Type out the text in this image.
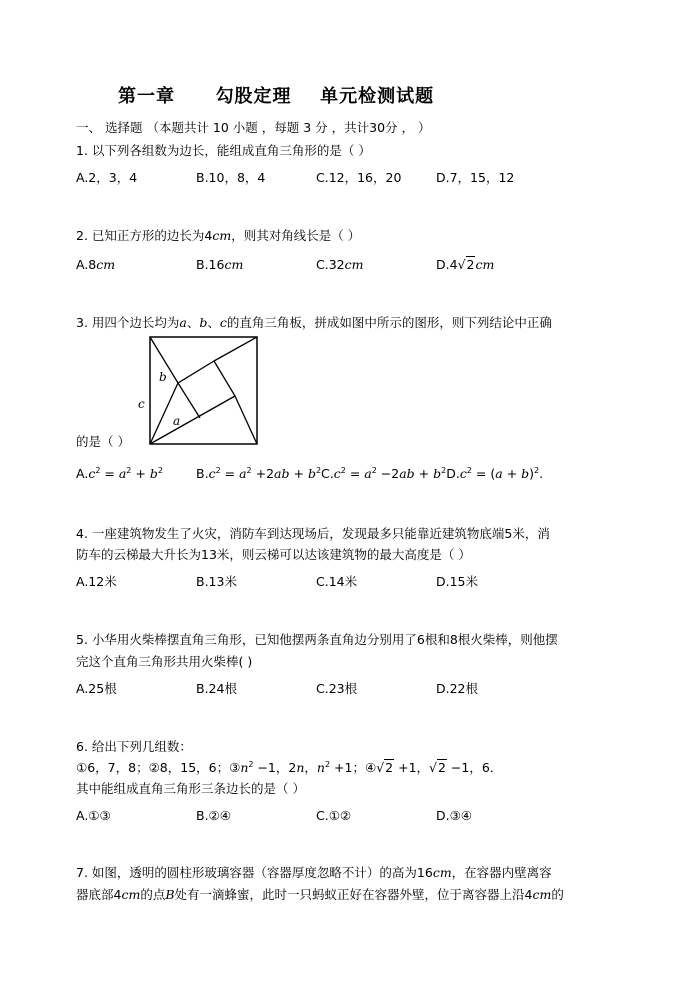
第一章 勾股定理 单元检测试题
一、 选择题 （本题共计 10 小题 ，每题 3 分 ，共计30分 ， ）
1. 以下列各组数为边长，能组成直角三角形的是（ ）
A.2，3，4	B.10，8，4	C.12，16，20	D.7，15，12
2. 已知正方形的边长为4cm，则其对角线长是（ ）
A.8cm	B.16cm	C.32cm	D.4√2cm
3. 用四个边长均为a、b、c的直角三角板，拼成如图中所示的图形，则下列结论中正确
b
c
a
的是（ ）
$A.c^2 = a^2 + b^2$	$B.c^2 = a^2 +2ab + b^2C.c^2 = a^2 -2ab + b^2D.c^2 = (a + b)^2$.
4. 一座建筑物发生了火灾，消防车到达现场后，发现最多只能靠近建筑物底端5米，消
防车的云梯最大升长为13米，则云梯可以达该建筑物的最大高度是（ ）
A.12米	B.13米	C.14米	D.15米
5. 小华用火柴棒摆直角三角形，已知他摆两条直角边分别用了6根和8根火柴棒，则他摆
完这个直角三角形共用火柴棒( )
A.25根	B.24根	C.23根	D.22根
6. 给出下列几组数：
①6，7，8；②8，15，6；$③n^2 -1$，2n，$n^2 +1$；④√2 +1，√2 −1，6．
其中能组成直角三角形三条边长的是（ ）
A.①③	B.②④	C.①②	D.③④
7. 如图，透明的圆柱形玻璃容器（容器厚度忽略不计）的高为16cm，在容器内壁离容
器底部4cm的点B处有一滴蜂蜜，此时一只蚂蚁正好在容器外壁，位于离容器上沿4cm的
